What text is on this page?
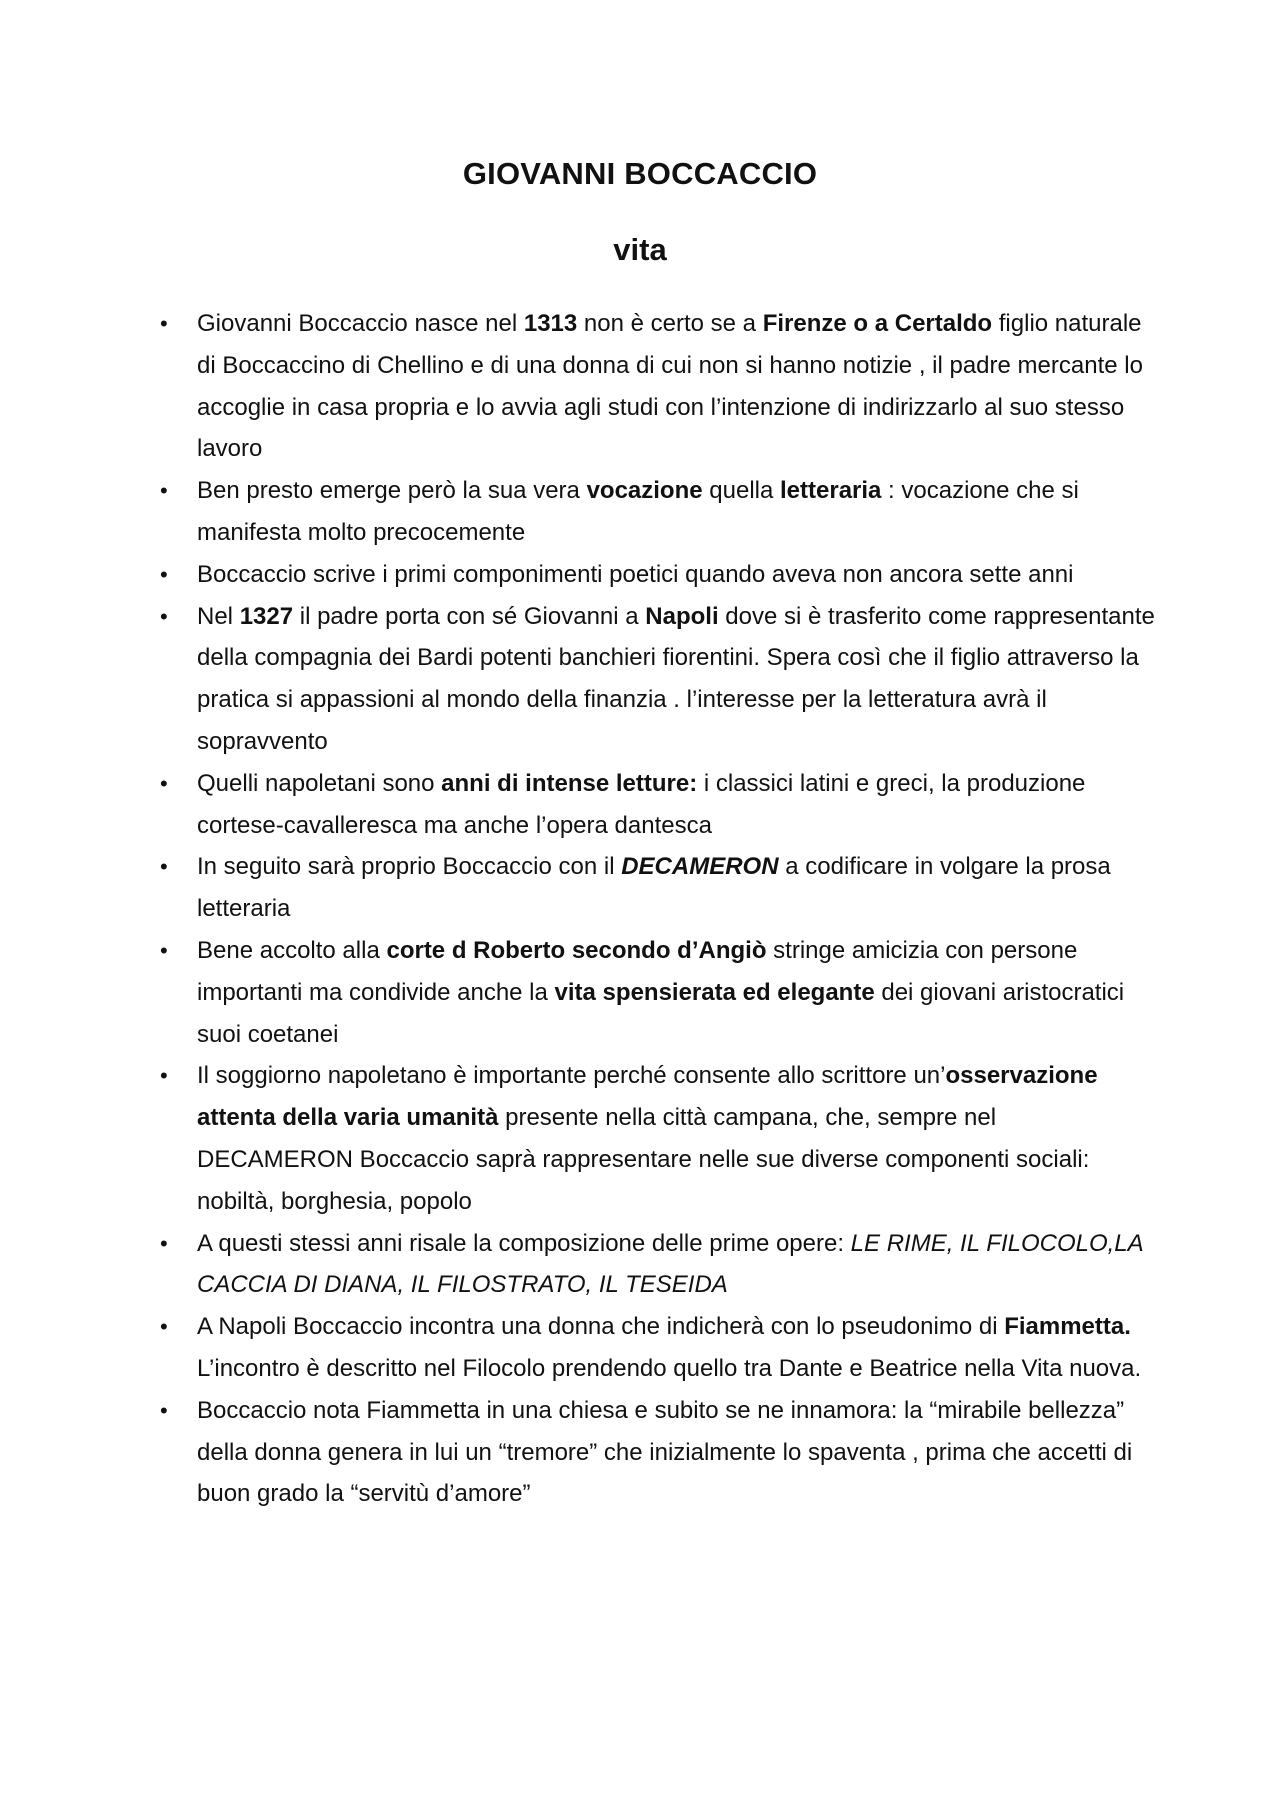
GIOVANNI BOCCACCIO
vita
• Giovanni Boccaccio nasce nel 1313 non è certo se a Firenze o a Certaldo figlio naturale di Boccaccino di Chellino e di una donna di cui non si hanno notizie , il padre mercante lo accoglie in casa propria e lo avvia agli studi con l’intenzione di indirizzarlo al suo stesso lavoro
• Ben presto emerge però la sua vera vocazione quella letteraria : vocazione che si manifesta molto precocemente
• Boccaccio scrive i primi componimenti poetici quando aveva non ancora sette anni
• Nel 1327 il padre porta con sé Giovanni a Napoli dove si è trasferito come rappresentante della compagnia dei Bardi potenti banchieri fiorentini. Spera così che il figlio attraverso la pratica si appassioni al mondo della finanzia . l’interesse per la letteratura avrà il sopravvento
• Quelli napoletani sono anni di intense letture: i classici latini e greci, la produzione cortese-cavalleresca ma anche l’opera dantesca
• In seguito sarà proprio Boccaccio con il DECAMERON a codificare in volgare la prosa letteraria
• Bene accolto alla corte d Roberto secondo d’Angiò stringe amicizia con persone importanti ma condivide anche la vita spensierata ed elegante dei giovani aristocratici suoi coetanei
• Il soggiorno napoletano è importante perché consente allo scrittore un’osservazione attenta della varia umanità presente nella città campana, che, sempre nel DECAMERON Boccaccio saprà rappresentare nelle sue diverse componenti sociali: nobiltà, borghesia, popolo
• A questi stessi anni risale la composizione delle prime opere: LE RIME, IL FILOCOLO,LA CACCIA DI DIANA, IL FILOSTRATO, IL TESEIDA
• A Napoli Boccaccio incontra una donna che indicherà con lo pseudonimo di Fiammetta. L’incontro è descritto nel Filocolo prendendo quello tra Dante e Beatrice nella Vita nuova.
• Boccaccio nota Fiammetta in una chiesa e subito se ne innamora: la “mirabile bellezza” della donna genera in lui un “tremore” che inizialmente lo spaventa , prima che accetti di buon grado la “servitù d’amore”
